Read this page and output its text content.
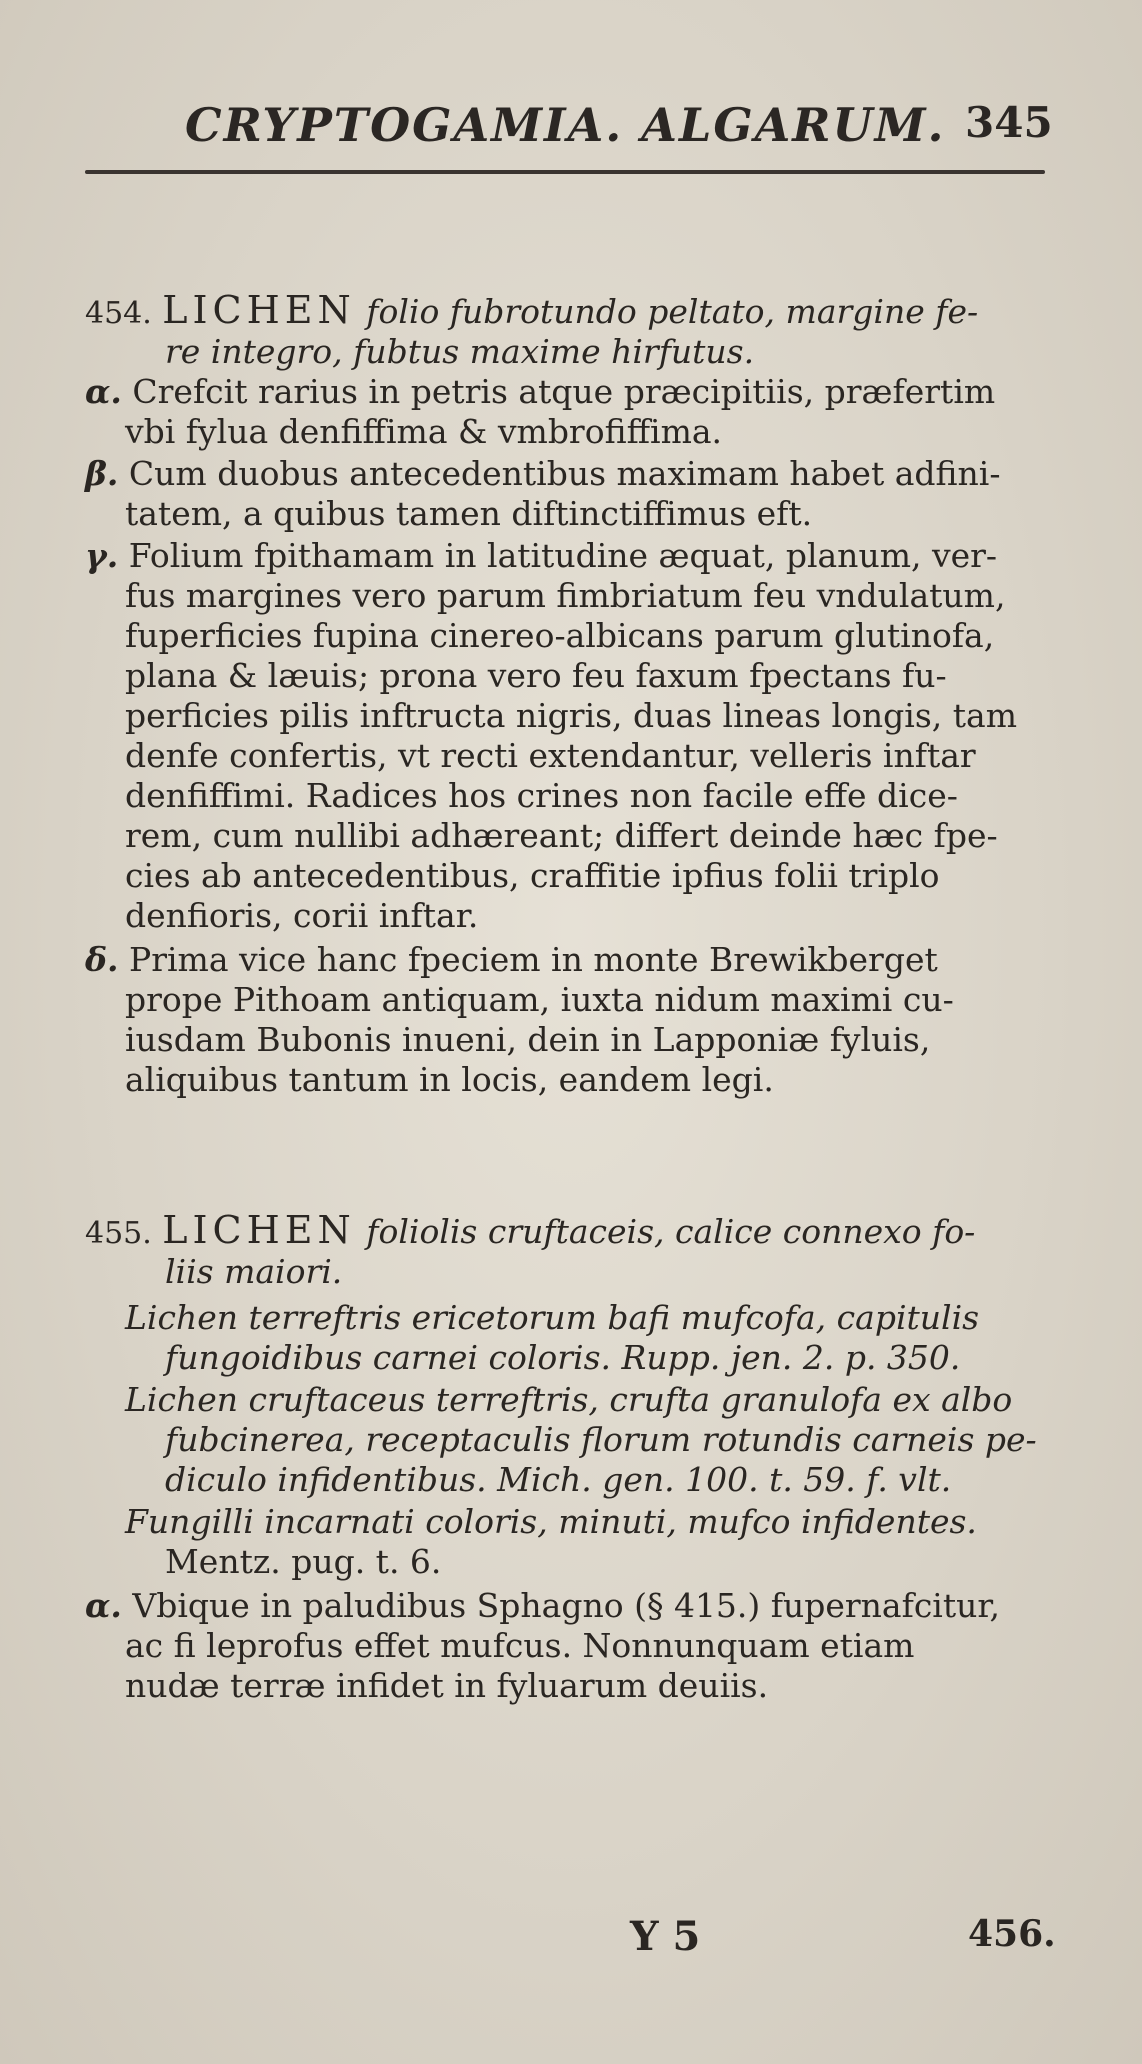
CRYPTOGAMIA. ALGARUM. 345
454. LICHEN folio fubrotundo peltato, margine fe-
re integro, fubtus maxime hirfutus.
α. Crefcit rarius in petris atque præcipitiis, præfertim
vbi fylua denfiffima & vmbrofiffima.
β. Cum duobus antecedentibus maximam habet adfini-
tatem, a quibus tamen diftinctiffimus eft.
γ. Folium fpithamam in latitudine æquat, planum, ver-
fus margines vero parum fimbriatum feu vndulatum,
fuperficies fupina cinereo-albicans parum glutinofa,
plana & læuis; prona vero feu faxum fpectans fu-
perficies pilis inftructa nigris, duas lineas longis, tam
denfe confertis, vt recti extendantur, velleris inftar
denfiffimi. Radices hos crines non facile effe dice-
rem, cum nullibi adhæreant; differt deinde hæc fpe-
cies ab antecedentibus, craffitie ipfius folii triplo
denfioris, corii inftar.
δ. Prima vice hanc fpeciem in monte Brewikberget
prope Pithoam antiquam, iuxta nidum maximi cu-
iusdam Bubonis inueni, dein in Lapponiæ fyluis,
aliquibus tantum in locis, eandem legi.
455. LICHEN foliolis cruftaceis, calice connexo fo-
liis maiori.
Lichen terreftris ericetorum bafi mufcofa, capitulis
fungoidibus carnei coloris. Rupp. jen. 2. p. 350.
Lichen cruftaceus terreftris, crufta granulofa ex albo
fubcinerea, receptaculis florum rotundis carneis pe-
diculo infidentibus. Mich. gen. 100. t. 59. f. vlt.
Fungilli incarnati coloris, minuti, mufco infidentes.
Mentz. pug. t. 6.
α. Vbique in paludibus Sphagno (§ 415.) fupernafcitur,
ac fi leprofus effet mufcus. Nonnunquam etiam
nudæ terræ infidet in fyluarum deuiis.
Y 5	456.
